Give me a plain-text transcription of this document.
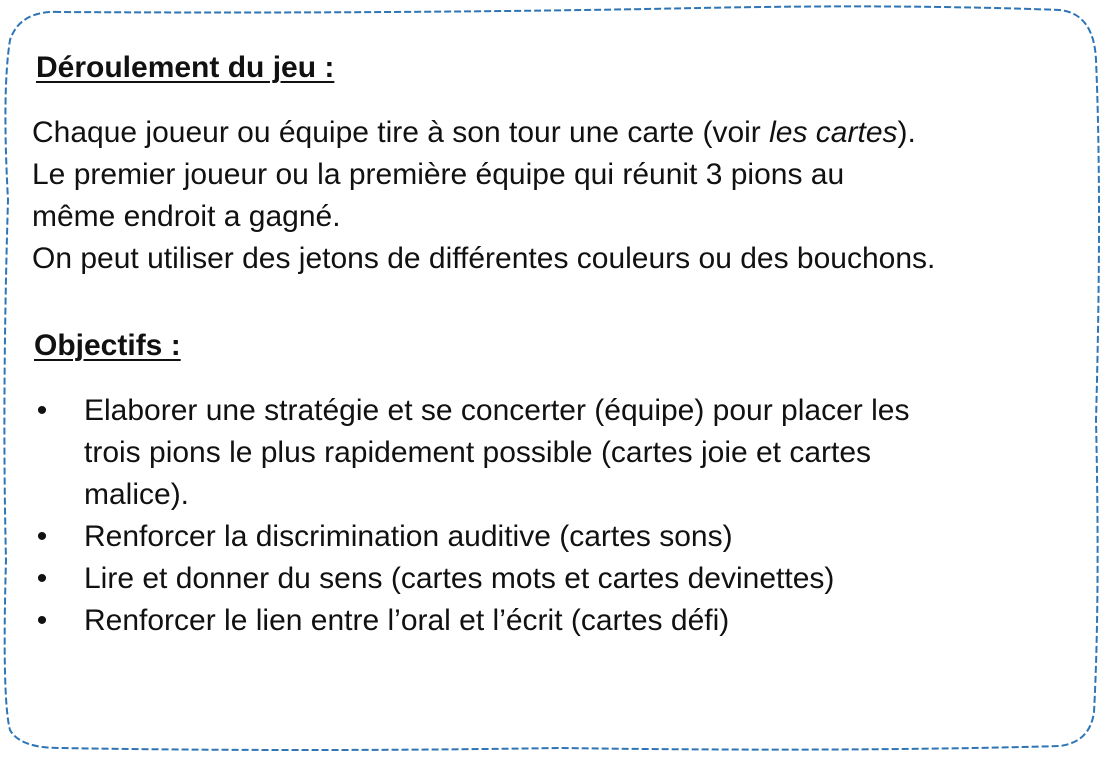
Déroulement du jeu :

Chaque joueur ou équipe tire à son tour une carte (voir les cartes).
Le premier joueur ou la première équipe qui réunit 3 pions au
même endroit a gagné.
On peut utiliser des jetons de différentes couleurs ou des bouchons.

Objectifs :
• Elaborer une stratégie et se concerter (équipe) pour placer les
trois pions le plus rapidement possible (cartes joie et cartes
malice).
• Renforcer la discrimination auditive (cartes sons)
• Lire et donner du sens (cartes mots et cartes devinettes)
• Renforcer le lien entre l’oral et l’écrit (cartes défi)
